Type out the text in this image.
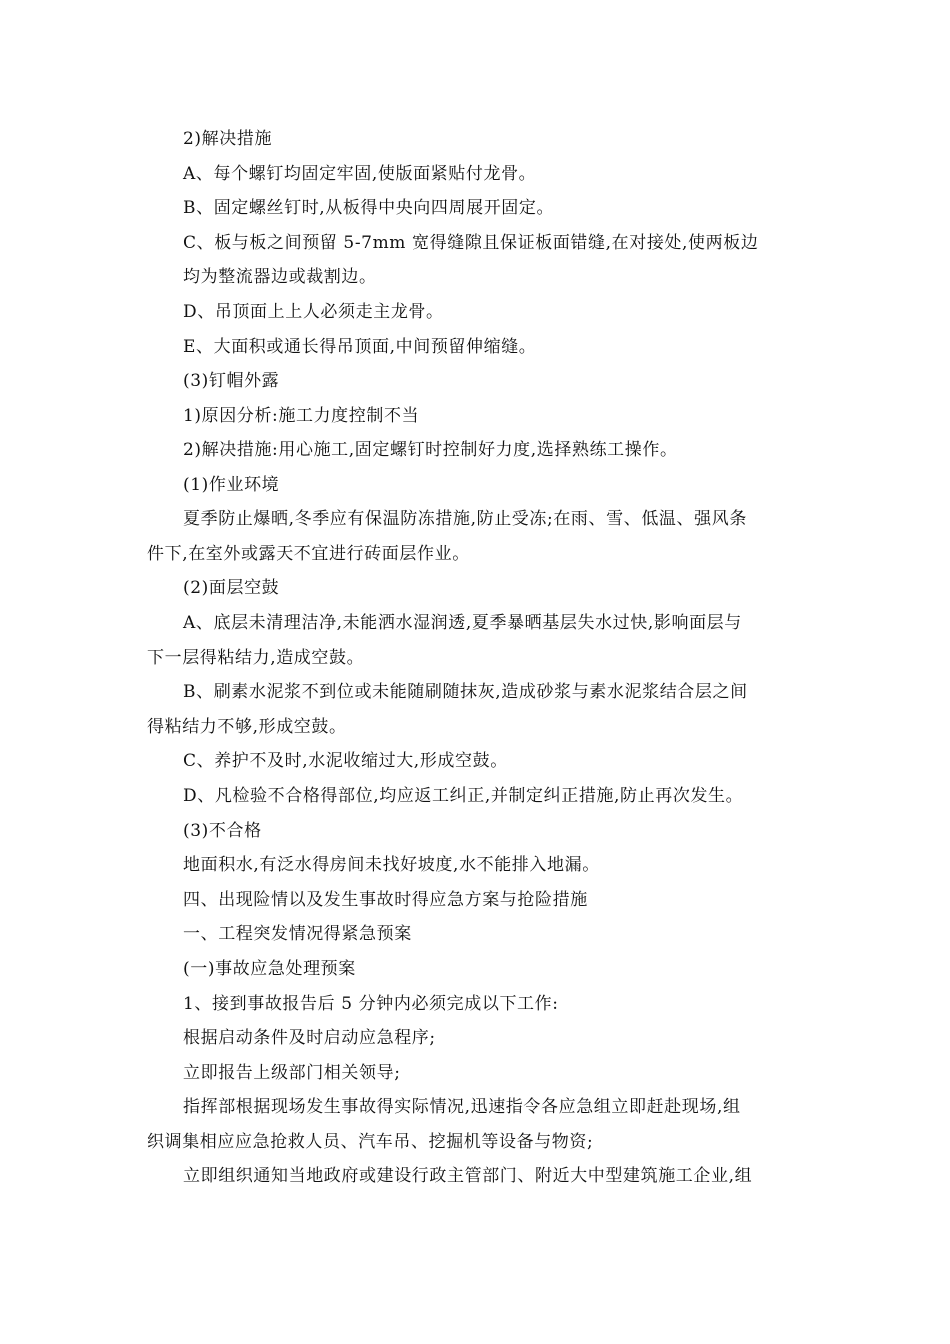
2)解决措施
A、每个螺钉均固定牢固,使版面紧贴付龙骨。
B、固定螺丝钉时,从板得中央向四周展开固定。
C、板与板之间预留 5-7mm 宽得缝隙且保证板面错缝,在对接处,使两板边
均为整流器边或裁割边。
D、吊顶面上上人必须走主龙骨。
E、大面积或通长得吊顶面,中间预留伸缩缝。
(3)钉帽外露
1)原因分析:施工力度控制不当
2)解决措施:用心施工,固定螺钉时控制好力度,选择熟练工操作。
(1)作业环境
夏季防止爆晒,冬季应有保温防冻措施,防止受冻;在雨、雪、低温、强风条
件下,在室外或露天不宜进行砖面层作业。
(2)面层空鼓
A、底层未清理洁净,未能洒水湿润透,夏季暴晒基层失水过快,影响面层与
下一层得粘结力,造成空鼓。
B、刷素水泥浆不到位或未能随刷随抹灰,造成砂浆与素水泥浆结合层之间
得粘结力不够,形成空鼓。
C、养护不及时,水泥收缩过大,形成空鼓。
D、凡检验不合格得部位,均应返工纠正,并制定纠正措施,防止再次发生。
(3)不合格
地面积水,有泛水得房间未找好坡度,水不能排入地漏。
四、出现险情以及发生事故时得应急方案与抢险措施
一、工程突发情况得紧急预案
(一)事故应急处理预案
1、接到事故报告后 5 分钟内必须完成以下工作:
根据启动条件及时启动应急程序;
立即报告上级部门相关领导;
指挥部根据现场发生事故得实际情况,迅速指令各应急组立即赶赴现场,组
织调集相应应急抢救人员、汽车吊、挖掘机等设备与物资;
立即组织通知当地政府或建设行政主管部门、附近大中型建筑施工企业,组
